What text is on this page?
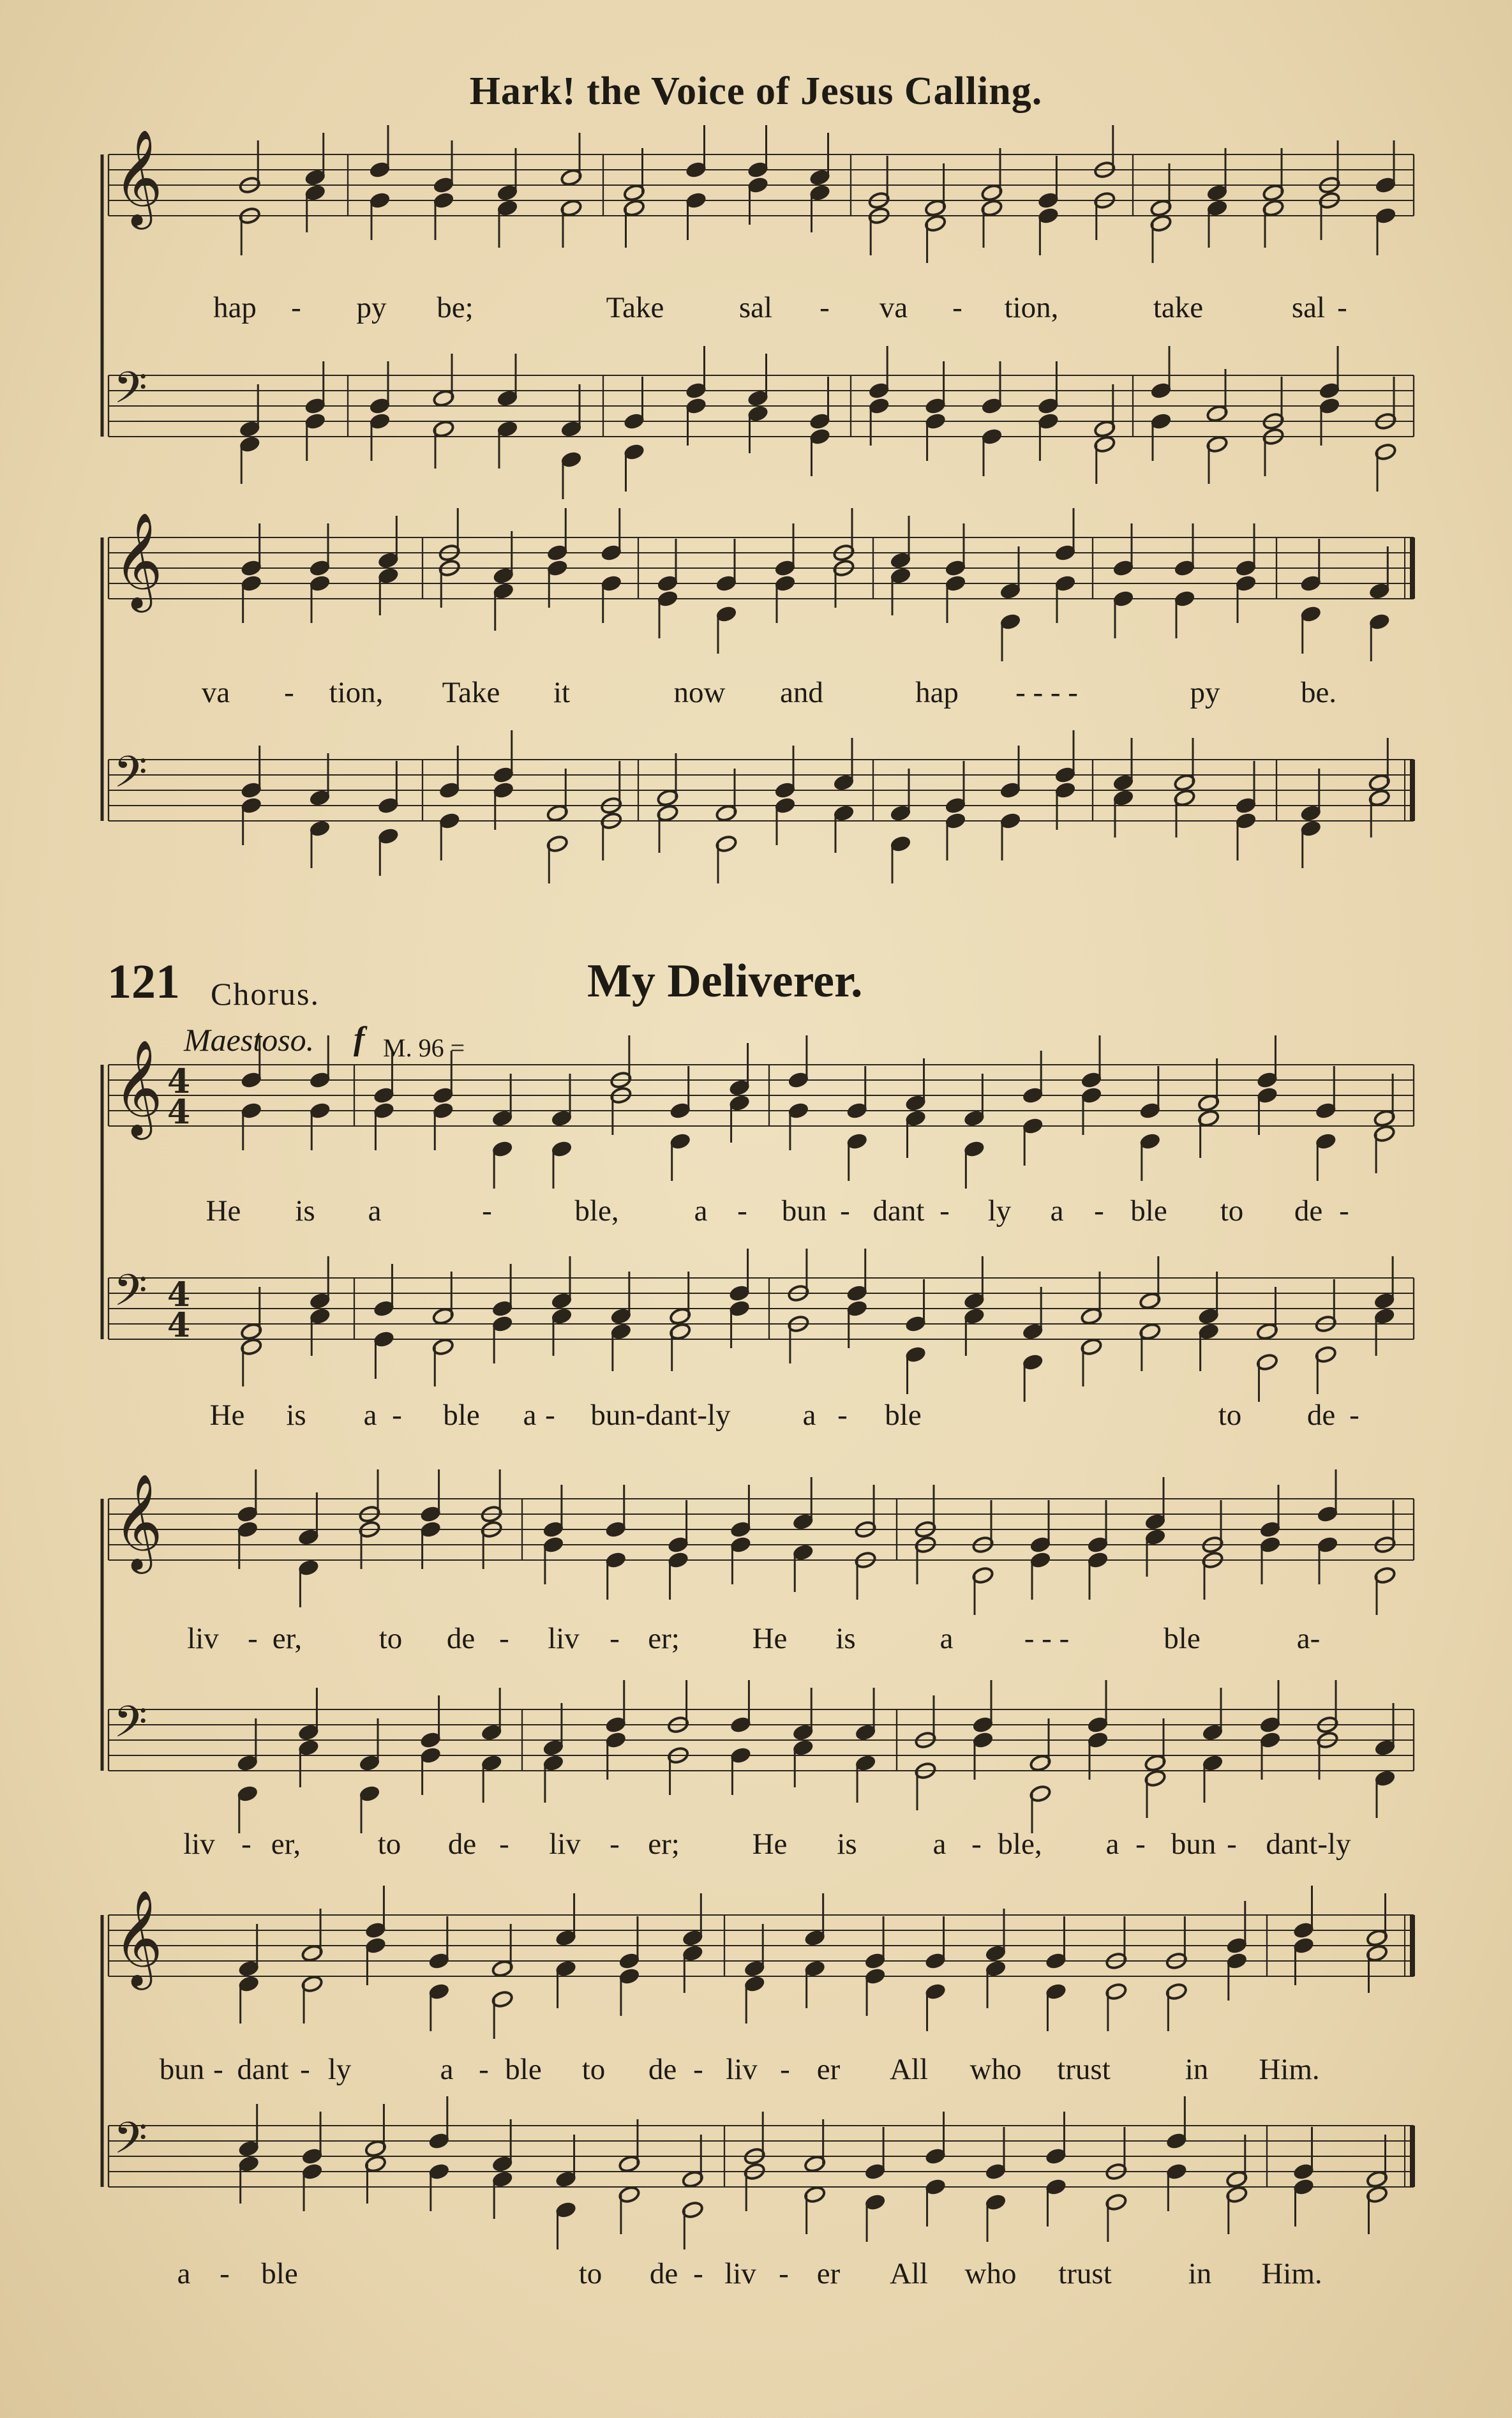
𝄞
𝄢
𝄞
𝄢
𝄞 4
4
𝄢 4
4
𝄞
𝄢
𝄞
𝄢
Hark! the Voice of Jesus Calling.
hap - py be;	Take	sal - va - tion,	take	sal -
va - tion, Take it	now and	hap - - - -	py	be.
121 Chorus.	My Deliverer.
Maestoso. f M. 96 =
He is a	-	ble,	a - bun - dant - ly a - ble to de -
He is a - ble a - bun-dant-ly a - ble	to de -
liv - er,	to de - liv - er; He is	a - - -	ble	a-
liv - er,	to de - liv - er; He is	a - ble, a - bun - dant-ly
bun - dant - ly	a - ble to de - liv - er All who trust in Him.
a - ble	to de - liv - er All who trust	in Him.
